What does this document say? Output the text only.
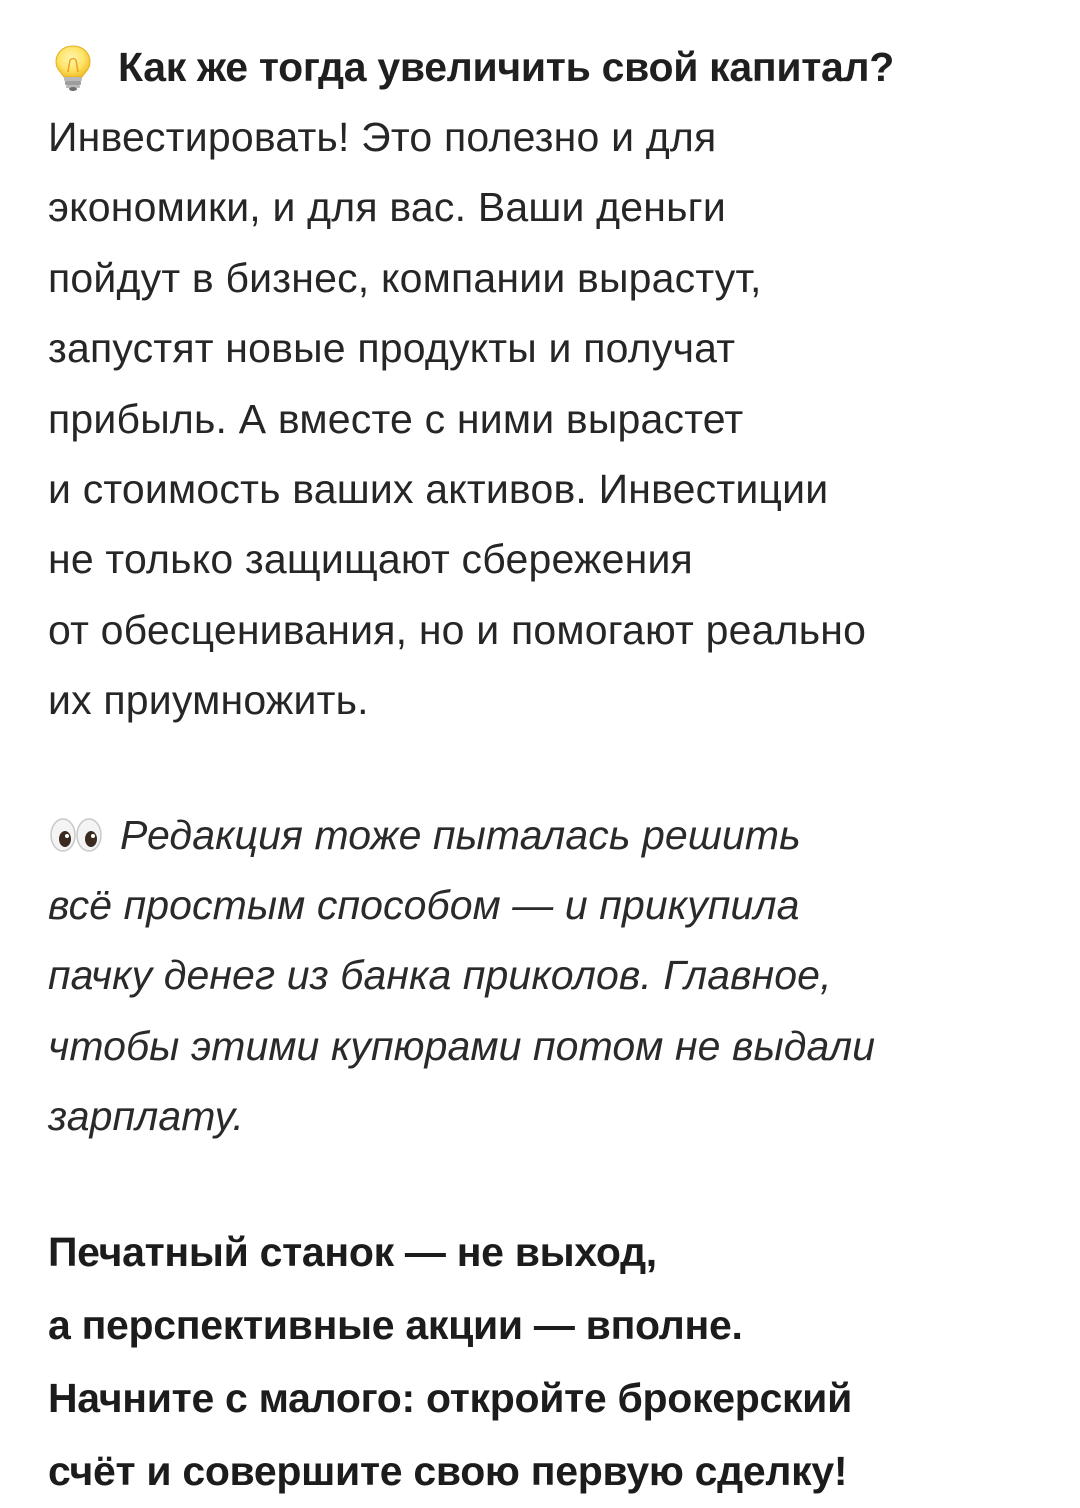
Как же тогда увеличить свой капитал?
Инвестировать! Это полезно и для
экономики, и для вас. Ваши деньги
пойдут в бизнес, компании вырастут,
запустят новые продукты и получат
прибыль. А вместе с ними вырастет
и стоимость ваших активов. Инвестиции
не только защищают сбережения
от обесценивания, но и помогают реально
их приумножить.
Редакция тоже пыталась решить
всё простым способом — и прикупила
пачку денег из банка приколов. Главное,
чтобы этими купюрами потом не выдали
зарплату.
Печатный станок — не выход,
а перспективные акции — вполне.
Начните с малого: откройте брокерский
счёт и совершите свою первую сделку!
